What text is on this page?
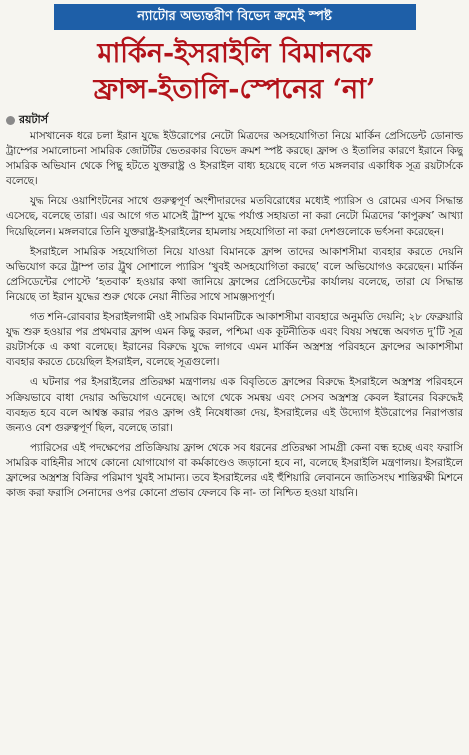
ন্যাটোর অভ্যন্তরীণ বিভেদ ক্রমেই স্পষ্ট
মার্কিন-ইসরাইলি বিমানকে
ফ্রান্স-ইতালি-স্পেনের ‘না’
রয়টার্স

মাসখানেক ধরে চলা ইরান যুদ্ধে ইউরোপের নেটো মিত্রদের অসহযোগিতা নিয়ে মার্কিন প্রেসিডেন্ট ডোনাল্ড ট্রাম্পের সমালোচনা সামরিক জোটটির ভেতরকার বিভেদ ক্রমশ স্পষ্ট করছে। ফ্রান্স ও ইতালির কারণে ইরানে কিছু সামরিক অভিযান থেকে পিছু হটতে যুক্তরাষ্ট্র ও ইসরাইল বাধ্য হয়েছে বলে গত মঙ্গলবার একাধিক সূত্র রয়টার্সকে বলেছে।

যুদ্ধ নিয়ে ওয়াশিংটনের সাথে গুরুত্বপূর্ণ অংশীদারদের মতবিরোধের মধ্যেই প্যারিস ও রোমের এসব সিদ্ধান্ত এসেছে, বলেছে তারা। এর আগে গত মাসেই ট্রাম্প যুদ্ধে পর্যাপ্ত সহায়তা না করা নেটো মিত্রদের ‘কাপুরুষ’ আখ্যা দিয়েছিলেন। মঙ্গলবারে তিনি যুক্তরাষ্ট্র-ইসরাইলের হামলায় সহযোগিতা না করা দেশগুলোকে ভর্ৎসনা করেছেন।

ইসরাইলে সামরিক সহযোগিতা নিয়ে যাওয়া বিমানকে ফ্রান্স তাদের আকাশসীমা ব্যবহার করতে দেয়নি অভিযোগ করে ট্রাম্প তার ট্রুথ সোশালে প্যারিস ‘খুবই অসহযোগিতা করছে’ বলে অভিযোগও করেছেন। মার্কিন প্রেসিডেন্টের পোস্টে ‘হতবাক’ হওয়ার কথা জানিয়ে ফ্রান্সের প্রেসিডেন্টের কার্যালয় বলেছে, তারা যে সিদ্ধান্ত নিয়েছে তা ইরান যুদ্ধের শুরু থেকে নেয়া নীতির সাথে সামঞ্জস্যপূর্ণ।

গত শনি-রোববার ইসরাইলগামী ওই সামরিক বিমানটিকে আকাশসীমা ব্যবহারে অনুমতি দেয়নি; ২৮ ফেব্রুয়ারি যুদ্ধ শুরু হওয়ার পর প্রথমবার ফ্রান্স এমন কিছু করল, পশ্চিমা এক কূটনীতিক এবং বিষয় সম্বন্ধে অবগত দু’টি সূত্র রয়টার্সকে এ কথা বলেছে। ইরানের বিরুদ্ধে যুদ্ধে লাগবে এমন মার্কিন অস্ত্রশস্ত্র পরিবহনে ফ্রান্সের আকাশসীমা ব্যবহার করতে চেয়েছিল ইসরাইল, বলেছে সূত্রগুলো।

এ ঘটনার পর ইসরাইলের প্রতিরক্ষা মন্ত্রণালয় এক বিবৃতিতে ফ্রান্সের বিরুদ্ধে ইসরাইলে অস্ত্রশস্ত্র পরিবহনে সক্রিয়ভাবে বাধা দেয়ার অভিযোগ এনেছে। আগে থেকে সমন্বয় এবং সেসব অস্ত্রশস্ত্র কেবল ইরানের বিরুদ্ধেই ব্যবহৃত হবে বলে আশ্বস্ত করার পরও ফ্রান্স ওই নিষেধাজ্ঞা দেয়, ইসরাইলের এই উদ্যোগ ইউরোপের নিরাপত্তার জন্যও বেশ গুরুত্বপূর্ণ ছিল, বলেছে তারা।

প্যারিসের এই পদক্ষেপের প্রতিক্রিয়ায় ফ্রান্স থেকে সব ধরনের প্রতিরক্ষা সামগ্রী কেনা বন্ধ হচ্ছে এবং ফরাসি সামরিক বাহিনীর সাথে কোনো যোগাযোগ বা কর্মকাণ্ডেও জড়ানো হবে না, বলেছে ইসরাইলি মন্ত্রণালয়। ইসরাইলে ফ্রান্সের অস্ত্রশস্ত্র বিক্রির পরিমাণ খুবই সামান্য। তবে ইসরাইলের এই হুঁশিয়ারি লেবাননে জাতিসংঘ শান্তিরক্ষী মিশনে কাজ করা ফরাসি সেনাদের ওপর কোনো প্রভাব ফেলবে কি না- তা নিশ্চিত হওয়া যায়নি।
